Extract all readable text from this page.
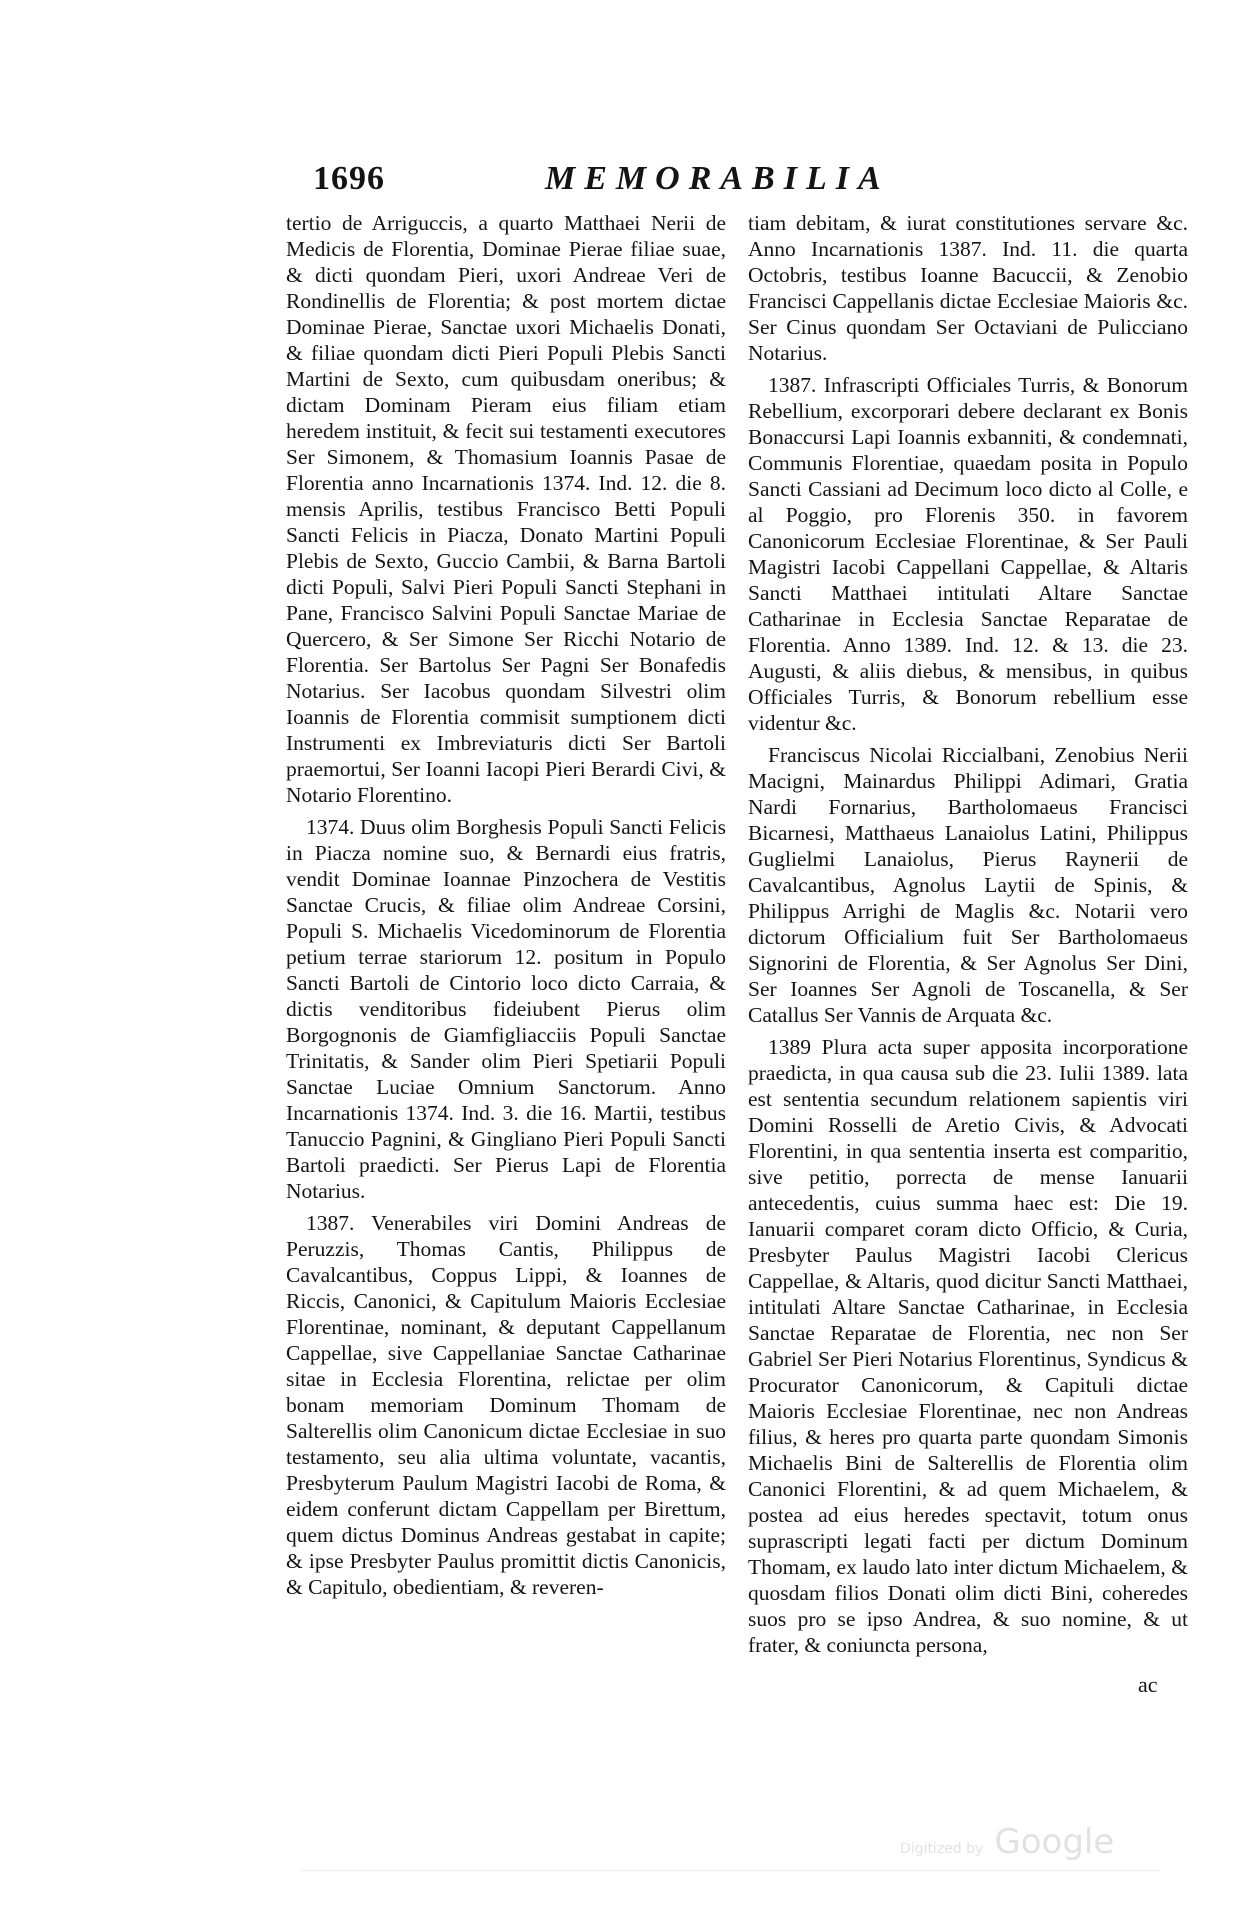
1696	MEMORABILIA

tertio de Arriguccis, a quarto Matthaei Nerii de Medicis de Florentia, Dominae Pierae filiae suae, & dicti quondam Pieri, uxori Andreae Veri de Rondinellis de Florentia; & post mortem dictae Dominae Pierae, Sanctae uxori Michaelis Donati, & filiae quondam dicti Pieri Populi Plebis Sancti Martini de Sexto, cum quibusdam oneribus; & dictam Dominam Pieram eius filiam etiam heredem instituit, & fecit sui testamenti executores Ser Simonem, & Thomasium Ioannis Pasae de Florentia anno Incarnationis 1374. Ind. 12. die 8. mensis Aprilis, testibus Francisco Betti Populi Sancti Felicis in Piacza, Donato Martini Populi Plebis de Sexto, Guccio Cambii, & Barna Bartoli dicti Populi, Salvi Pieri Populi Sancti Stephani in Pane, Francisco Salvini Populi Sanctae Mariae de Quercero, & Ser Simone Ser Ricchi Notario de Florentia. Ser Bartolus Ser Pagni Ser Bonafedis Notarius. Ser Iacobus quondam Silvestri olim Ioannis de Florentia commisit sumptionem dicti Instrumenti ex Imbreviaturis dicti Ser Bartoli praemortui, Ser Ioanni Iacopi Pieri Berardi Civi, & Notario Florentino.

1374. Duus olim Borghesis Populi Sancti Felicis in Piacza nomine suo, & Bernardi eius fratris, vendit Dominae Ioannae Pinzochera de Vestitis Sanctae Crucis, & filiae olim Andreae Corsini, Populi S. Michaelis Vicedominorum de Florentia petium terrae stariorum 12. positum in Populo Sancti Bartoli de Cintorio loco dicto Carraia, & dictis venditoribus fideiubent Pierus olim Borgognonis de Giamfigliacciis Populi Sanctae Trinitatis, & Sander olim Pieri Spetiarii Populi Sanctae Luciae Omnium Sanctorum. Anno Incarnationis 1374. Ind. 3. die 16. Martii, testibus Tanuccio Pagnini, & Gingliano Pieri Populi Sancti Bartoli praedicti. Ser Pierus Lapi de Florentia Notarius.

1387. Venerabiles viri Domini Andreas de Peruzzis, Thomas Cantis, Philippus de Cavalcantibus, Coppus Lippi, & Ioannes de Riccis, Canonici, & Capitulum Maioris Ecclesiae Florentinae, nominant, & deputant Cappellanum Cappellae, sive Cappellaniae Sanctae Catharinae sitae in Ecclesia Florentina, relictae per olim bonam memoriam Dominum Thomam de Salterellis olim Canonicum dictae Ecclesiae in suo testamento, seu alia ultima voluntate, vacantis, Presbyterum Paulum Magistri Iacobi de Roma, & eidem conferunt dictam Cappellam per Birettum, quem dictus Dominus Andreas gestabat in capite; & ipse Presbyter Paulus promittit dictis Canonicis, & Capitulo, obedientiam, & reveren-

tiam debitam, & iurat constitutiones servare &c. Anno Incarnationis 1387. Ind. 11. die quarta Octobris, testibus Ioanne Bacuccii, & Zenobio Francisci Cappellanis dictae Ecclesiae Maioris &c. Ser Cinus quondam Ser Octaviani de Pulicciano Notarius.

1387. Infrascripti Officiales Turris, & Bonorum Rebellium, excorporari debere declarant ex Bonis Bonaccursi Lapi Ioannis exbanniti, & condemnati, Communis Florentiae, quaedam posita in Populo Sancti Cassiani ad Decimum loco dicto al Colle, e al Poggio, pro Florenis 350. in favorem Canonicorum Ecclesiae Florentinae, & Ser Pauli Magistri Iacobi Cappellani Cappellae, & Altaris Sancti Matthaei intitulati Altare Sanctae Catharinae in Ecclesia Sanctae Reparatae de Florentia. Anno 1389. Ind. 12. & 13. die 23. Augusti, & aliis diebus, & mensibus, in quibus Officiales Turris, & Bonorum rebellium esse videntur &c.

Franciscus Nicolai Riccialbani, Zenobius Nerii Macigni, Mainardus Philippi Adimari, Gratia Nardi Fornarius, Bartholomaeus Francisci Bicarnesi, Matthaeus Lanaiolus Latini, Philippus Guglielmi Lanaiolus, Pierus Raynerii de Cavalcantibus, Agnolus Laytii de Spinis, & Philippus Arrighi de Maglis &c. Notarii vero dictorum Officialium fuit Ser Bartholomaeus Signorini de Florentia, & Ser Agnolus Ser Dini, Ser Ioannes Ser Agnoli de Toscanella, & Ser Catallus Ser Vannis de Arquata &c.

1389 Plura acta super apposita incorporatione praedicta, in qua causa sub die 23. Iulii 1389. lata est sententia secundum relationem sapientis viri Domini Rosselli de Aretio Civis, & Advocati Florentini, in qua sententia inserta est comparitio, sive petitio, porrecta de mense Ianuarii antecedentis, cuius summa haec est: Die 19. Ianuarii comparet coram dicto Officio, & Curia, Presbyter Paulus Magistri Iacobi Clericus Cappellae, & Altaris, quod dicitur Sancti Matthaei, intitulati Altare Sanctae Catharinae, in Ecclesia Sanctae Reparatae de Florentia, nec non Ser Gabriel Ser Pieri Notarius Florentinus, Syndicus & Procurator Canonicorum, & Capituli dictae Maioris Ecclesiae Florentinae, nec non Andreas filius, & heres pro quarta parte quondam Simonis Michaelis Bini de Salterellis de Florentia olim Canonici Florentini, & ad quem Michaelem, & postea ad eius heredes spectavit, totum onus suprascripti legati facti per dictum Dominum Thomam, ex laudo lato inter dictum Michaelem, & quosdam filios Donati olim dicti Bini, coheredes suos pro se ipso Andrea, & suo nomine, & ut frater, & coniuncta persona,

ac
Digitized by Google
